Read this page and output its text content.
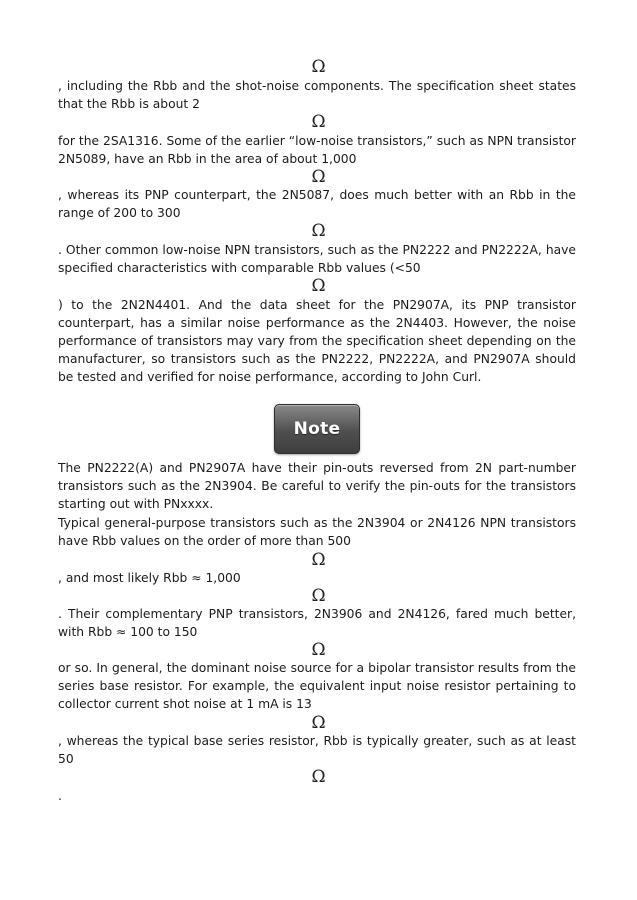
Ω
, including the Rbb and the shot-noise components. The specification sheet states that the Rbb is about 2
Ω
for the 2SA1316. Some of the earlier “low-noise transistors,” such as NPN transistor 2N5089, have an Rbb in the area of about 1,000
Ω
, whereas its PNP counterpart, the 2N5087, does much better with an Rbb in the range of 200 to 300
Ω
. Other common low-noise NPN transistors, such as the PN2222 and PN2222A, have specified characteristics with comparable Rbb values (<50
Ω
) to the 2N2N4401. And the data sheet for the PN2907A, its PNP transistor counterpart, has a similar noise performance as the 2N4403. However, the noise performance of transistors may vary from the specification sheet depending on the manufacturer, so transistors such as the PN2222, PN2222A, and PN2907A should be tested and verified for noise performance, according to John Curl.
Note
The PN2222(A) and PN2907A have their pin-outs reversed from 2N part-number transistors such as the 2N3904. Be careful to verify the pin-outs for the transistors starting out with PNxxxx.
Typical general-purpose transistors such as the 2N3904 or 2N4126 NPN transistors have Rbb values on the order of more than 500
Ω
, and most likely Rbb ≈ 1,000
Ω
. Their complementary PNP transistors, 2N3906 and 2N4126, fared much better, with Rbb ≈ 100 to 150
Ω
or so. In general, the dominant noise source for a bipolar transistor results from the series base resistor. For example, the equivalent input noise resistor pertaining to collector current shot noise at 1 mA is 13
Ω
, whereas the typical base series resistor, Rbb is typically greater, such as at least 50
Ω
.
